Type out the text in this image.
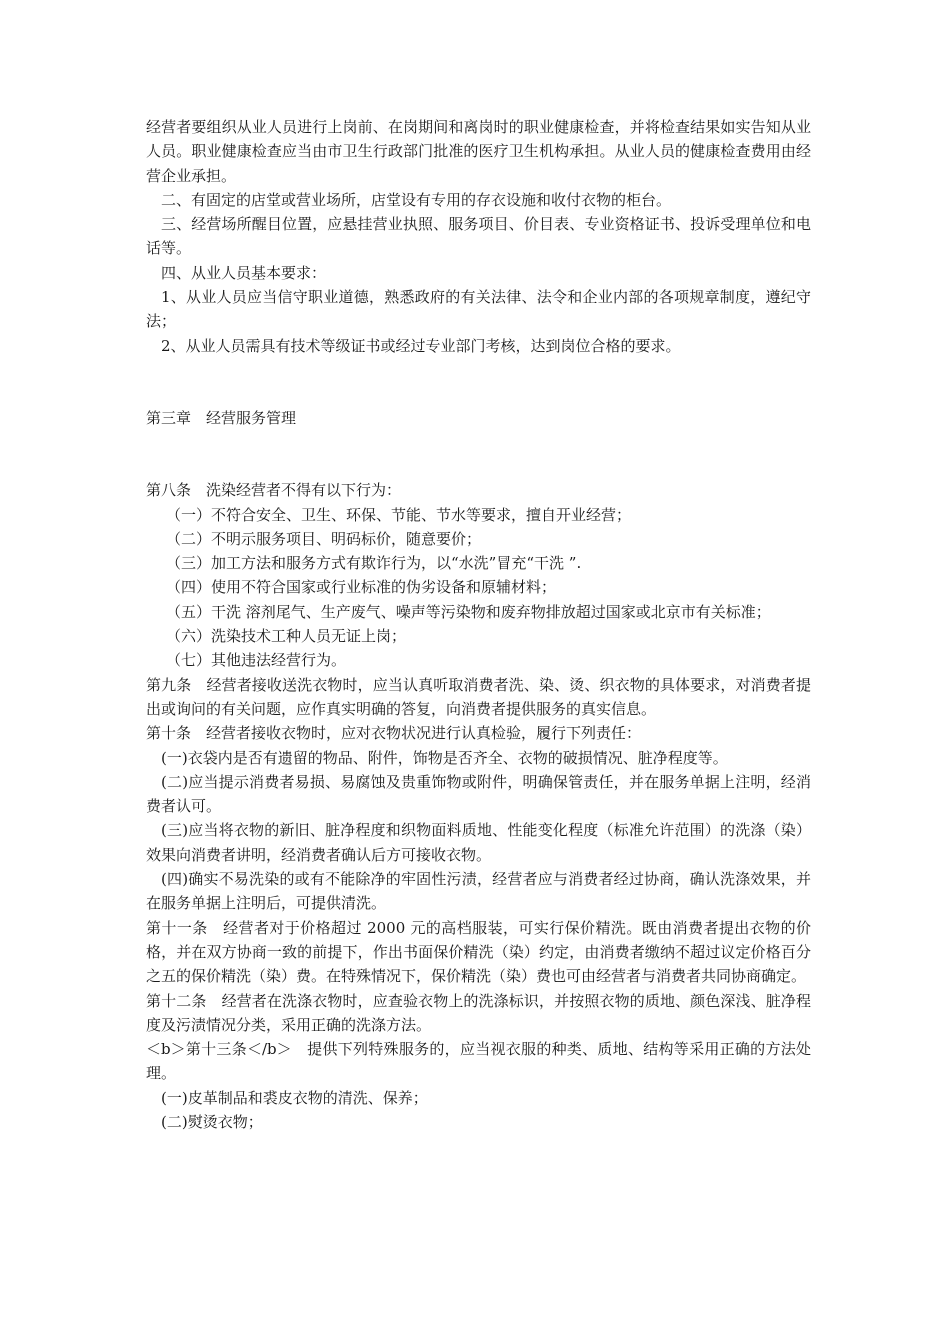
经营者要组织从业人员进行上岗前、在岗期间和离岗时的职业健康检查，并将检查结果如实告知从业人员。职业健康检查应当由市卫生行政部门批准的医疗卫生机构承担。从业人员的健康检查费用由经营企业承担。

二、有固定的店堂或营业场所，店堂设有专用的存衣设施和收付衣物的柜台。

三、经营场所醒目位置，应悬挂营业执照、服务项目、价目表、专业资格证书、投诉受理单位和电话等。

四、从业人员基本要求：

1、从业人员应当信守职业道德，熟悉政府的有关法律、法令和企业内部的各项规章制度，遵纪守法；

2、从业人员需具有技术等级证书或经过专业部门考核，达到岗位合格的要求。

第三章　经营服务管理

第八条　洗染经营者不得有以下行为：

（一）不符合安全、卫生、环保、节能、节水等要求，擅自开业经营；

（二）不明示服务项目、明码标价，随意要价；

（三）加工方法和服务方式有欺诈行为，以“水洗”冒充“干洗 ”.

（四）使用不符合国家或行业标准的伪劣设备和原辅材料；

（五）干洗 溶剂尾气、生产废气、噪声等污染物和废弃物排放超过国家或北京市有关标准；

（六）洗染技术工种人员无证上岗；

（七）其他违法经营行为。

第九条　经营者接收送洗衣物时，应当认真听取消费者洗、染、烫、织衣物的具体要求，对消费者提出或询问的有关问题，应作真实明确的答复，向消费者提供服务的真实信息。

第十条　经营者接收衣物时，应对衣物状况进行认真检验，履行下列责任：

(一)衣袋内是否有遗留的物品、附件，饰物是否齐全、衣物的破损情况、脏净程度等。

(二)应当提示消费者易损、易腐蚀及贵重饰物或附件，明确保管责任，并在服务单据上注明，经消费者认可。

(三)应当将衣物的新旧、脏净程度和织物面料质地、性能变化程度（标准允许范围）的洗涤（染）效果向消费者讲明，经消费者确认后方可接收衣物。

(四)确实不易洗染的或有不能除净的牢固性污渍，经营者应与消费者经过协商，确认洗涤效果，并在服务单据上注明后，可提供清洗。

第十一条　经营者对于价格超过 2000 元的高档服装，可实行保价精洗。既由消费者提出衣物的价格，并在双方协商一致的前提下，作出书面保价精洗（染）约定，由消费者缴纳不超过议定价格百分之五的保价精洗（染）费。在特殊情况下，保价精洗（染）费也可由经营者与消费者共同协商确定。

第十二条　经营者在洗涤衣物时，应查验衣物上的洗涤标识，并按照衣物的质地、颜色深浅、脏净程度及污渍情况分类，采用正确的洗涤方法。

＜b＞第十三条＜/b＞　提供下列特殊服务的，应当视衣服的种类、质地、结构等采用正确的方法处理。

(一)皮革制品和裘皮衣物的清洗、保养；

(二)熨烫衣物；
